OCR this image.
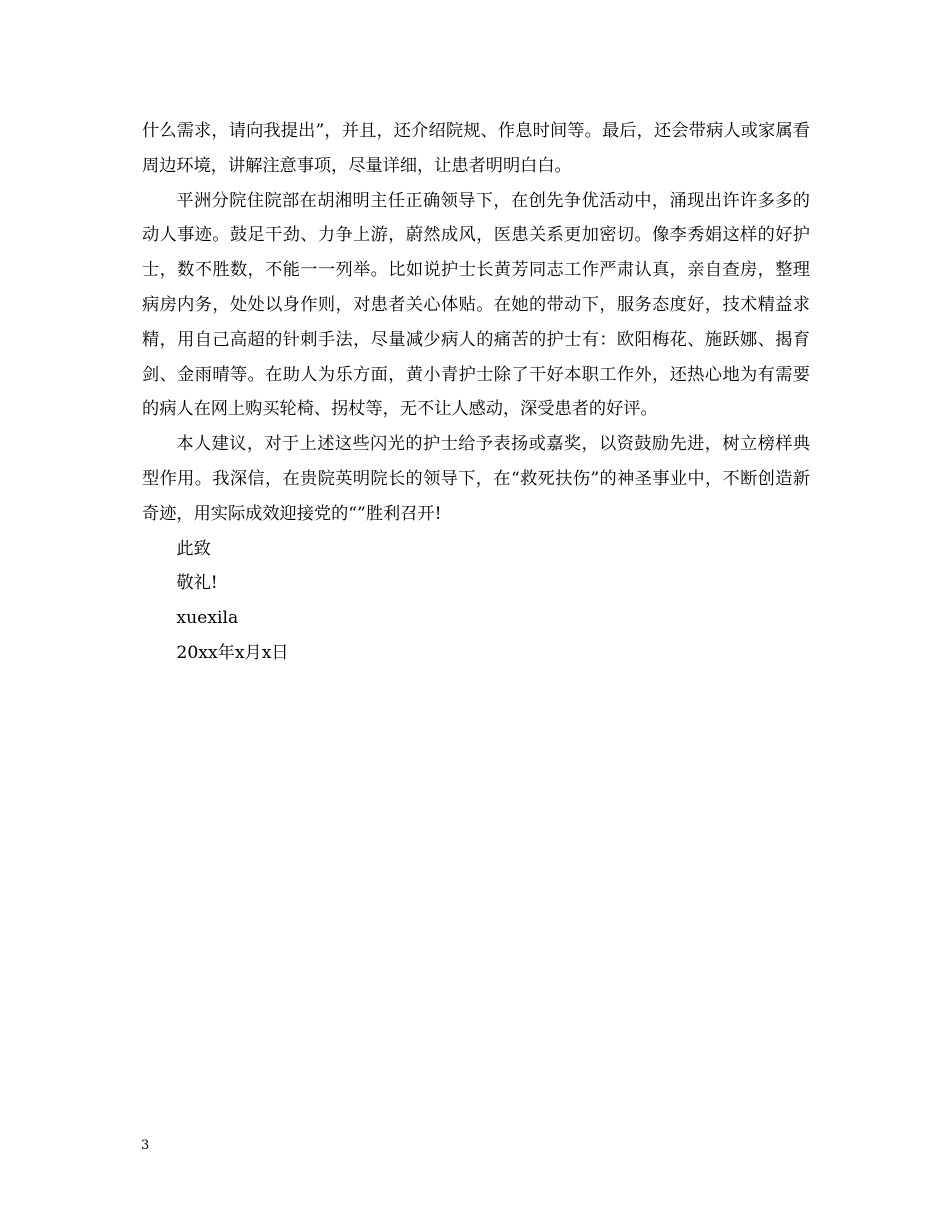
什么需求，请向我提出”，并且，还介绍院规、作息时间等。最后，还会带病人或家属看周边环境，讲解注意事项，尽量详细，让患者明明白白。

平洲分院住院部在胡湘明主任正确领导下，在创先争优活动中，涌现出许许多多的动人事迹。鼓足干劲、力争上游，蔚然成风，医患关系更加密切。像李秀娟这样的好护士，数不胜数，不能一一列举。比如说护士长黄芳同志工作严肃认真，亲自查房，整理病房内务，处处以身作则，对患者关心体贴。在她的带动下，服务态度好，技术精益求精，用自己高超的针刺手法，尽量减少病人的痛苦的护士有：欧阳梅花、施跃娜、揭育剑、金雨晴等。在助人为乐方面，黄小青护士除了干好本职工作外，还热心地为有需要的病人在网上购买轮椅、拐杖等，无不让人感动，深受患者的好评。

本人建议，对于上述这些闪光的护士给予表扬或嘉奖，以资鼓励先进，树立榜样典型作用。我深信，在贵院英明院长的领导下，在“救死扶伤”的神圣事业中，不断创造新奇迹，用实际成效迎接党的“”胜利召开!

此致

敬礼!

xuexila

20xx年x月x日

3
